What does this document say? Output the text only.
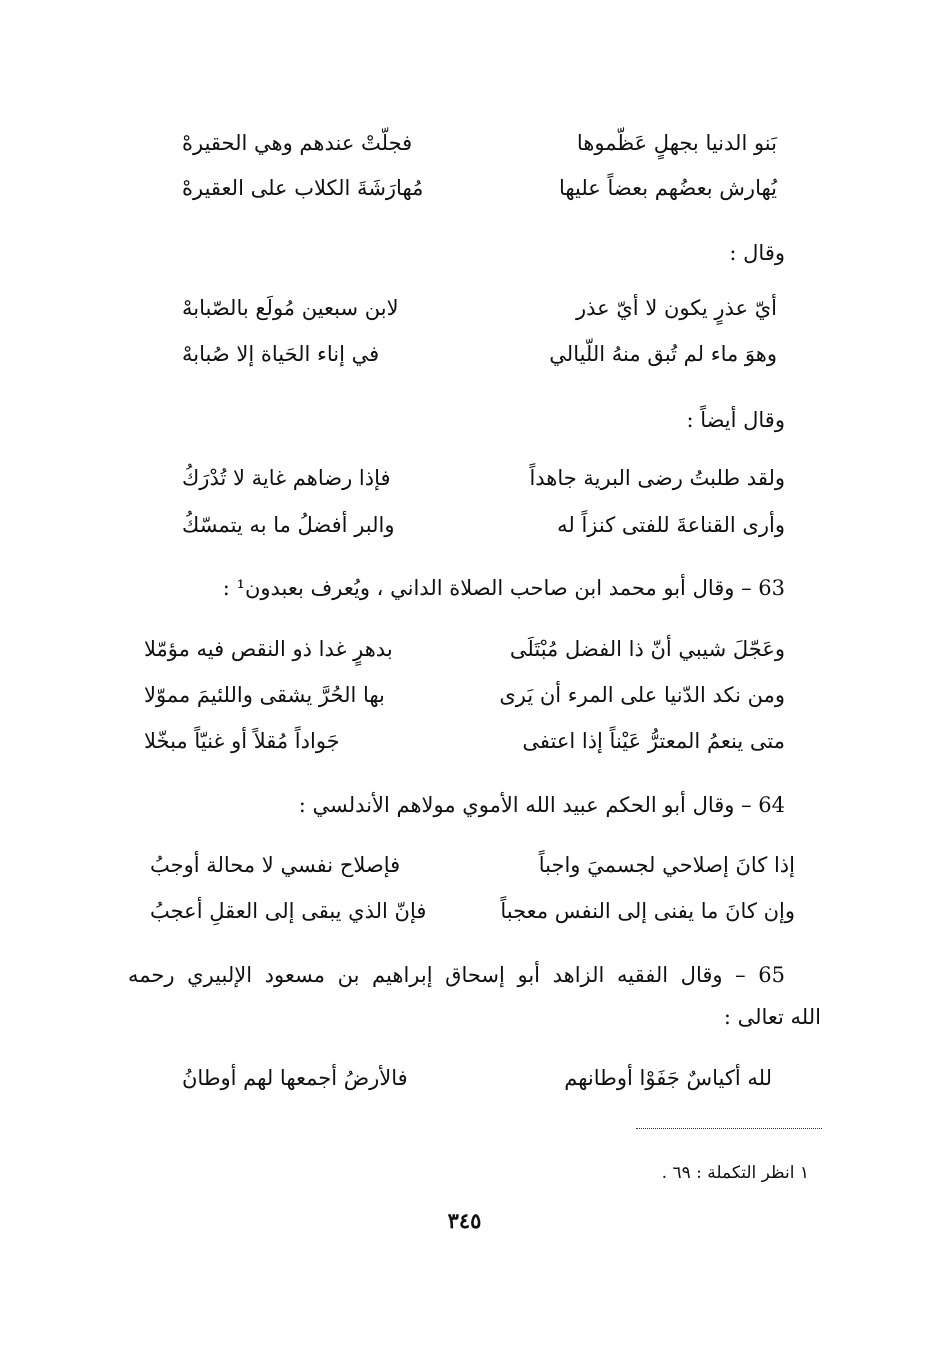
بَنو الدنيا بجهلٍ عَظّموها
فجلّتْ عندهم وهي الحقيرهْ
يُهارش بعضُهم بعضاً عليها
مُهارَشَةَ الكلاب على العقيرهْ
وقال :
أيّ عذرٍ يكون لا أيّ عذر
لابن سبعين مُولَع بالصّبابهْ
وهوَ ماء لم تُبق منهُ اللّيالي
في إناء الحَياة إلا صُبابهْ
وقال أيضاً :
ولقد طلبتُ رضى البرية جاهداً
فإذا رضاهم غاية لا تُدْرَكُ
وأرى القناعةَ للفتى كنزاً له
والبر أفضلُ ما به يتمسّكُ
63 – وقال أبو محمد ابن صاحب الصلاة الداني ، ويُعرف بعبدون¹ :
وعَجّلَ شيبي أنّ ذا الفضل مُبْتَلَى
بدهرٍ غدا ذو النقص فيه مؤمّلا
ومن نكد الدّنيا على المرء أن يَرى
بها الحُرَّ يشقى واللئيمَ مموّلا
متى ينعمُ المعترُّ عَيْناً إذا اعتفى
جَواداً مُقلاً أو غنيّاً مبخّلا
64 – وقال أبو الحكم عبيد الله الأموي مولاهم الأندلسي :
إذا كانَ إصلاحي لجسميَ واجباً
فإصلاح نفسي لا محالة أوجبُ
وإن كانَ ما يفنى إلى النفس معجباً
فإنّ الذي يبقى إلى العقلِ أعجبُ
65 – وقال الفقيه الزاهد أبو إسحاق إبراهيم بن مسعود الإلبيري رحمه
الله تعالى :
لله أكياسٌ جَفَوْا أوطانهم
فالأرضُ أجمعها لهم أوطانُ
١ انظر التكملة : ٦٩ .
٣٤٥
